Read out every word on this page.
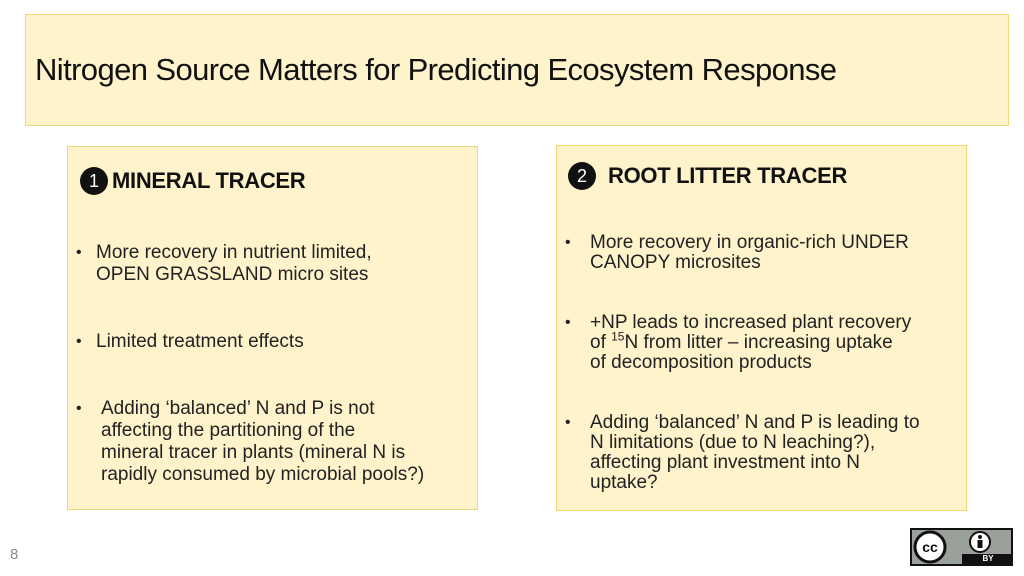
Nitrogen Source Matters for Predicting Ecosystem Response
1 MINERAL TRACER
• More recovery in nutrient limited,
OPEN GRASSLAND micro sites
• Limited treatment effects
• Adding ‘balanced’ N and P is not
affecting the partitioning of the
mineral tracer in plants (mineral N is
rapidly consumed by microbial pools?)
2 ROOT LITTER TRACER
• More recovery in organic-rich UNDER
CANOPY microsites
• +NP leads to increased plant recovery
of $^{15}$N from litter – increasing uptake
of decomposition products
• Adding ‘balanced’ N and P is leading to
N limitations (due to N leaching?),
affecting plant investment into N
uptake?
8	cc
BY
